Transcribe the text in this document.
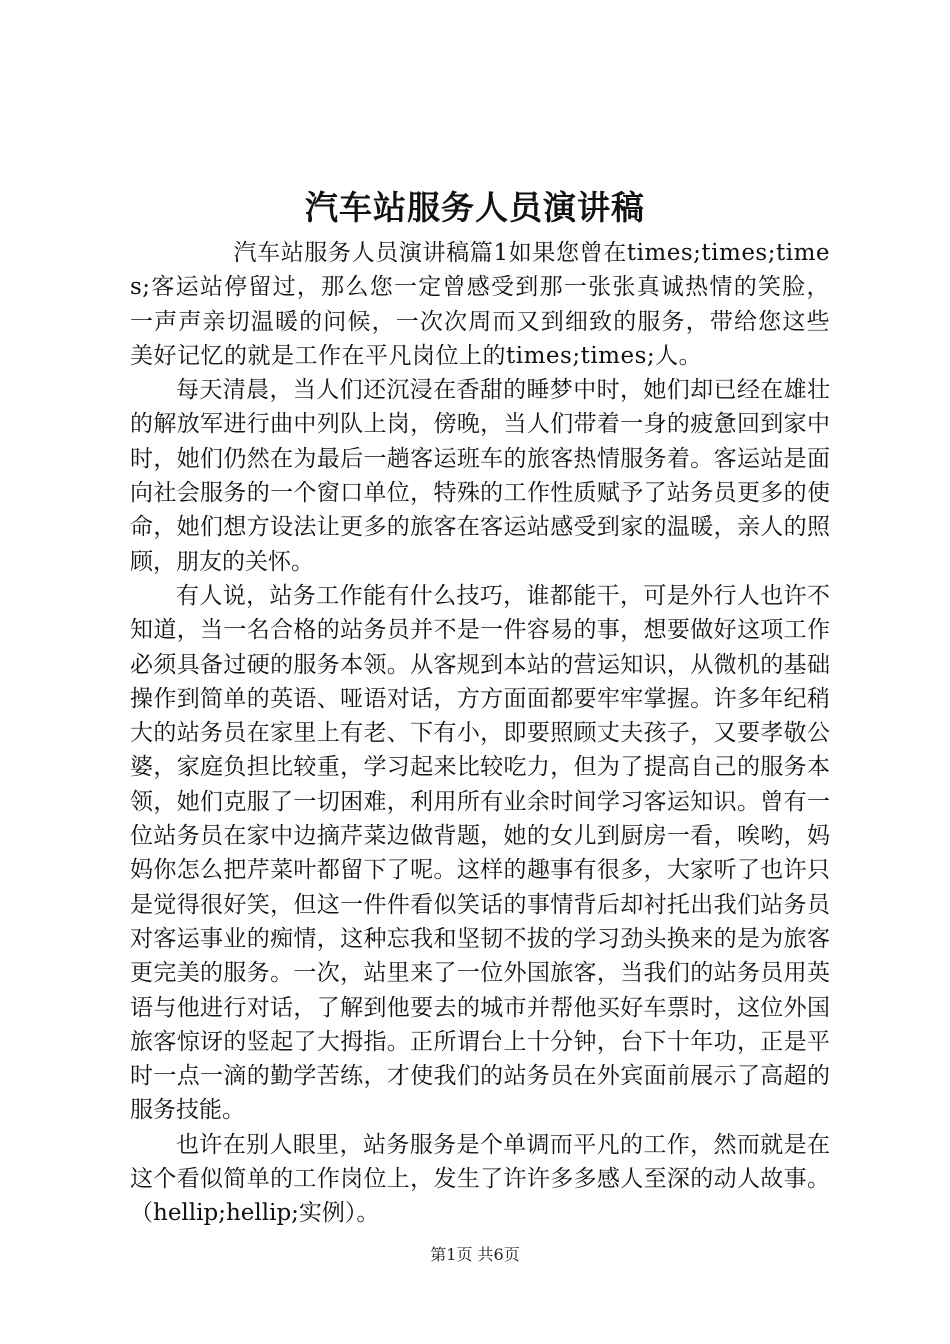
汽车站服务人员演讲稿

汽车站服务人员演讲稿篇1如果您曾在times;times;times;客运站停留过，那么您一定曾感受到那一张张真诚热情的笑脸，一声声亲切温暖的问候，一次次周而又到细致的服务，带给您这些美好记忆的就是工作在平凡岗位上的times;times;人。

每天清晨，当人们还沉浸在香甜的睡梦中时，她们却已经在雄壮的解放军进行曲中列队上岗，傍晚，当人们带着一身的疲惫回到家中时，她们仍然在为最后一趟客运班车的旅客热情服务着。客运站是面向社会服务的一个窗口单位，特殊的工作性质赋予了站务员更多的使命，她们想方设法让更多的旅客在客运站感受到家的温暖，亲人的照顾，朋友的关怀。

有人说，站务工作能有什么技巧，谁都能干，可是外行人也许不知道，当一名合格的站务员并不是一件容易的事，想要做好这项工作必须具备过硬的服务本领。从客规到本站的营运知识，从微机的基础操作到简单的英语、哑语对话，方方面面都要牢牢掌握。许多年纪稍大的站务员在家里上有老、下有小，即要照顾丈夫孩子，又要孝敬公婆，家庭负担比较重，学习起来比较吃力，但为了提高自己的服务本领，她们克服了一切困难，利用所有业余时间学习客运知识。曾有一位站务员在家中边摘芹菜边做背题，她的女儿到厨房一看，唉哟，妈妈你怎么把芹菜叶都留下了呢。这样的趣事有很多，大家听了也许只是觉得很好笑，但这一件件看似笑话的事情背后却衬托出我们站务员对客运事业的痴情，这种忘我和坚韧不拔的学习劲头换来的是为旅客更完美的服务。一次，站里来了一位外国旅客，当我们的站务员用英语与他进行对话，了解到他要去的城市并帮他买好车票时，这位外国旅客惊讶的竖起了大拇指。正所谓台上十分钟，台下十年功，正是平时一点一滴的勤学苦练，才使我们的站务员在外宾面前展示了高超的服务技能。

也许在别人眼里，站务服务是个单调而平凡的工作，然而就是在这个看似简单的工作岗位上，发生了许许多多感人至深的动人故事。（hellip;hellip;实例）。

第1页 共6页
